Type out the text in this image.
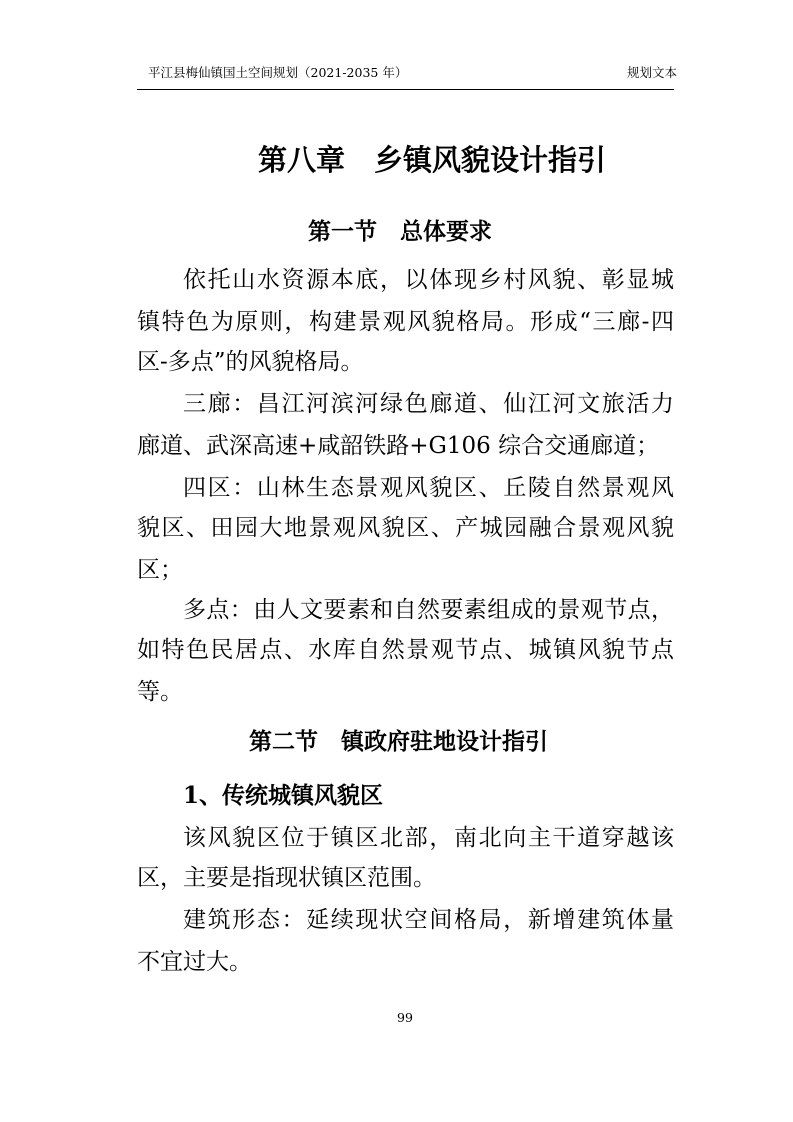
平江县梅仙镇国土空间规划（2021-2035 年）	规划文本
第八章　乡镇风貌设计指引
第一节　总体要求
依托山水资源本底，以体现乡村风貌、彰显城
镇特色为原则，构建景观风貌格局。形成“三廊-四
区-多点”的风貌格局。
三廊：昌江河滨河绿色廊道、仙江河文旅活力
廊道、武深高速+咸韶铁路+G106 综合交通廊道；
四区：山林生态景观风貌区、丘陵自然景观风
貌区、田园大地景观风貌区、产城园融合景观风貌
区；
多点：由人文要素和自然要素组成的景观节点，
如特色民居点、水库自然景观节点、城镇风貌节点
等。
第二节　镇政府驻地设计指引
1、传统城镇风貌区
该风貌区位于镇区北部，南北向主干道穿越该
区，主要是指现状镇区范围。
建筑形态：延续现状空间格局，新增建筑体量
不宜过大。
99
